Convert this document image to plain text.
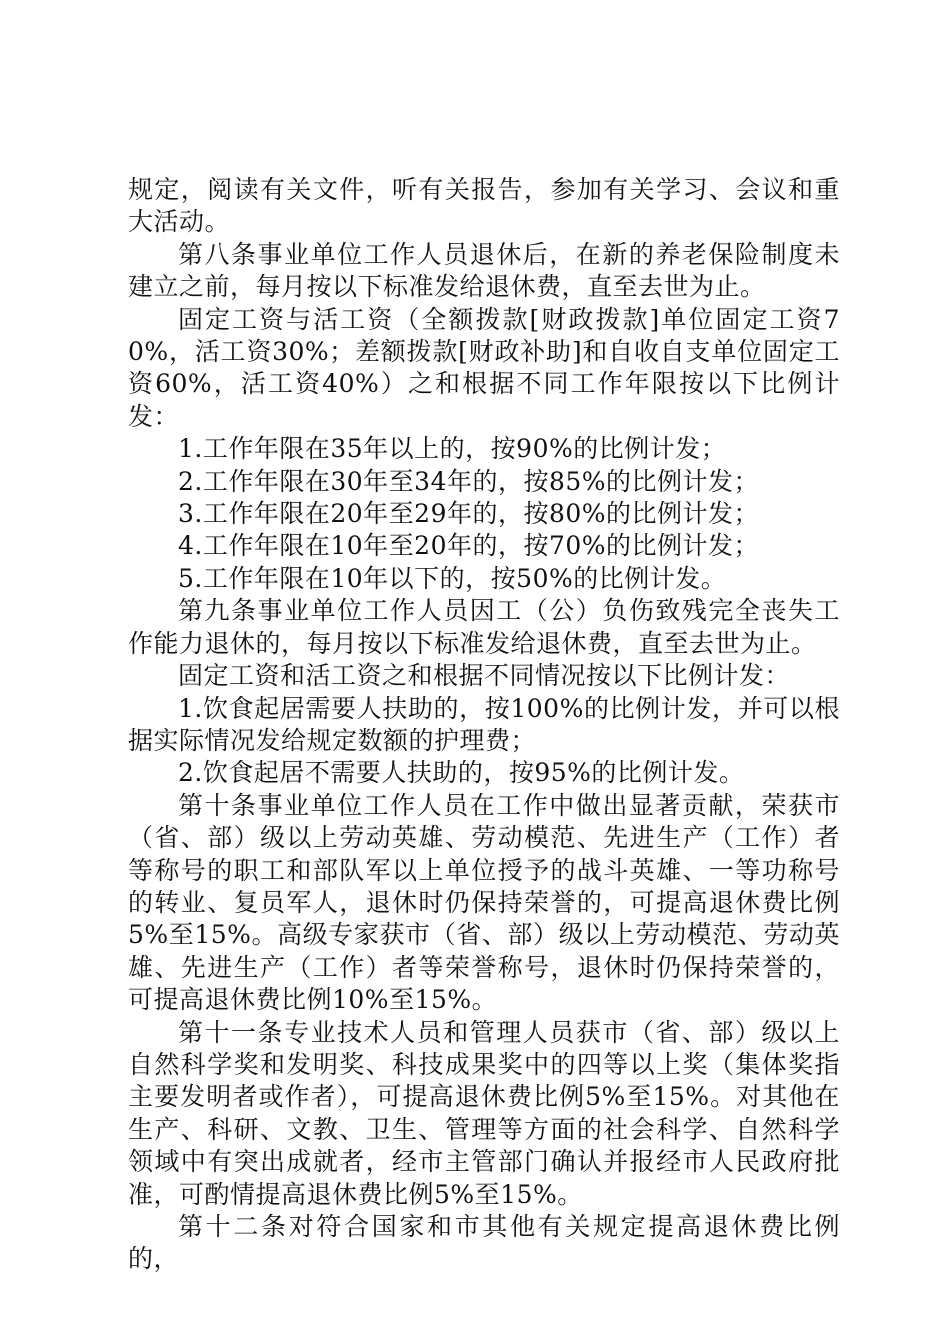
规定，阅读有关文件，听有关报告，参加有关学习、会议和重大活动。

第八条事业单位工作人员退休后，在新的养老保险制度未建立之前，每月按以下标准发给退休费，直至去世为止。

固定工资与活工资（全额拨款[财政拨款]单位固定工资70%，活工资30%；差额拨款[财政补助]和自收自支单位固定工资60%，活工资40%）之和根据不同工作年限按以下比例计发：

1.工作年限在35年以上的，按90%的比例计发；

2.工作年限在30年至34年的，按85%的比例计发；

3.工作年限在20年至29年的，按80%的比例计发；

4.工作年限在10年至20年的，按70%的比例计发；

5.工作年限在10年以下的，按50%的比例计发。

第九条事业单位工作人员因工（公）负伤致残完全丧失工作能力退休的，每月按以下标准发给退休费，直至去世为止。

固定工资和活工资之和根据不同情况按以下比例计发：

1.饮食起居需要人扶助的，按100%的比例计发，并可以根据实际情况发给规定数额的护理费；

2.饮食起居不需要人扶助的，按95%的比例计发。

第十条事业单位工作人员在工作中做出显著贡献，荣获市（省、部）级以上劳动英雄、劳动模范、先进生产（工作）者等称号的职工和部队军以上单位授予的战斗英雄、一等功称号的转业、复员军人，退休时仍保持荣誉的，可提高退休费比例5%至15%。高级专家获市（省、部）级以上劳动模范、劳动英雄、先进生产（工作）者等荣誉称号，退休时仍保持荣誉的，可提高退休费比例10%至15%。

第十一条专业技术人员和管理人员获市（省、部）级以上自然科学奖和发明奖、科技成果奖中的四等以上奖（集体奖指主要发明者或作者），可提高退休费比例5%至15%。对其他在生产、科研、文教、卫生、管理等方面的社会科学、自然科学领域中有突出成就者，经市主管部门确认并报经市人民政府批准，可酌情提高退休费比例5%至15%。

第十二条对符合国家和市其他有关规定提高退休费比例的，
